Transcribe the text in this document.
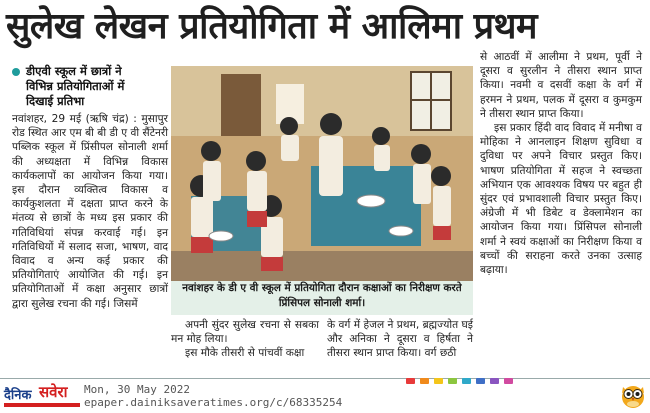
सुलेख लेखन प्रतियोगिता में आलिमा प्रथम
डीएवी स्कूल में छात्रों ने
विभिन्न प्रतियोगिताओं में
दिखाई प्रतिभा

नवांशहर, 29 मई (ऋषि चंद्र) : मुसापुर रोड स्थित आर एम बी बी डी ए वी सैंटेनरी पब्लिक स्कूल में प्रिंसीपल सोनाली शर्मा की अध्यक्षता में विभिन्न विकास कार्यकलापों का आयोजन किया गया। इस दौरान व्यक्तित्व विकास व कार्यकुशलता में दक्षता प्राप्त करने के मंतव्य से छात्रों के मध्य इस प्रकार की गतिविधियां संपन्न करवाई गई। इन गतिविधियों में सलाद सजा, भाषण, वाद विवाद व अन्य कई प्रकार की प्रतियोगिताएं आयोजित की गई। इन प्रतियोगिताओं में कक्षा अनुसार छात्रों द्वारा सुलेख रचना की गई। जिसमें

नवांशहर के डी ए वी स्कूल में प्रतियोगिता दौरान कक्षाओं का निरीक्षण करते प्रिंसिपल सोनाली शर्मा।

अपनी सुंदर सुलेख रचना से सबका मन मोह लिया।

इस मौके तीसरी से पांचवीं कक्षा

के वर्ग में हेजल ने प्रथम, ब्रह्मज्योत घई और अनिका ने दूसरा व हिर्षता ने तीसरा स्थान प्राप्त किया। वर्ग छठी

से आठवीं में आलीमा ने प्रथम, पूर्वी ने दूसरा व सुरलीन ने तीसरा स्थान प्राप्त किया। नवमी व दसवीं कक्षा के वर्ग में हरमन ने प्रथम, पलक में दूसरा व कुमकुम ने तीसरा स्थान प्राप्त किया।

इस प्रकार हिंदी वाद विवाद में मनीषा व मोहिका ने आनलाइन शिक्षण सुविधा व दुविधा पर अपने विचार प्रस्तुत किए। भाषण प्रतियोगिता में सहज ने स्वच्छता अभियान एक आवश्यक विषय पर बहुत ही सुंदर एवं प्रभावशाली विचार प्रस्तुत किए। अंग्रेजी में भी डिबेट व डेक्लामेशन का आयोजन किया गया। प्रिंसिपल सोनाली शर्मा ने स्वयं कक्षाओं का निरीक्षण किया व बच्चों की सराहना करते उनका उत्साह बढ़ाया।

दैनिक सवेरा Mon, 30 May 2022
epaper.dainiksaveratimes.org/c/68335254
